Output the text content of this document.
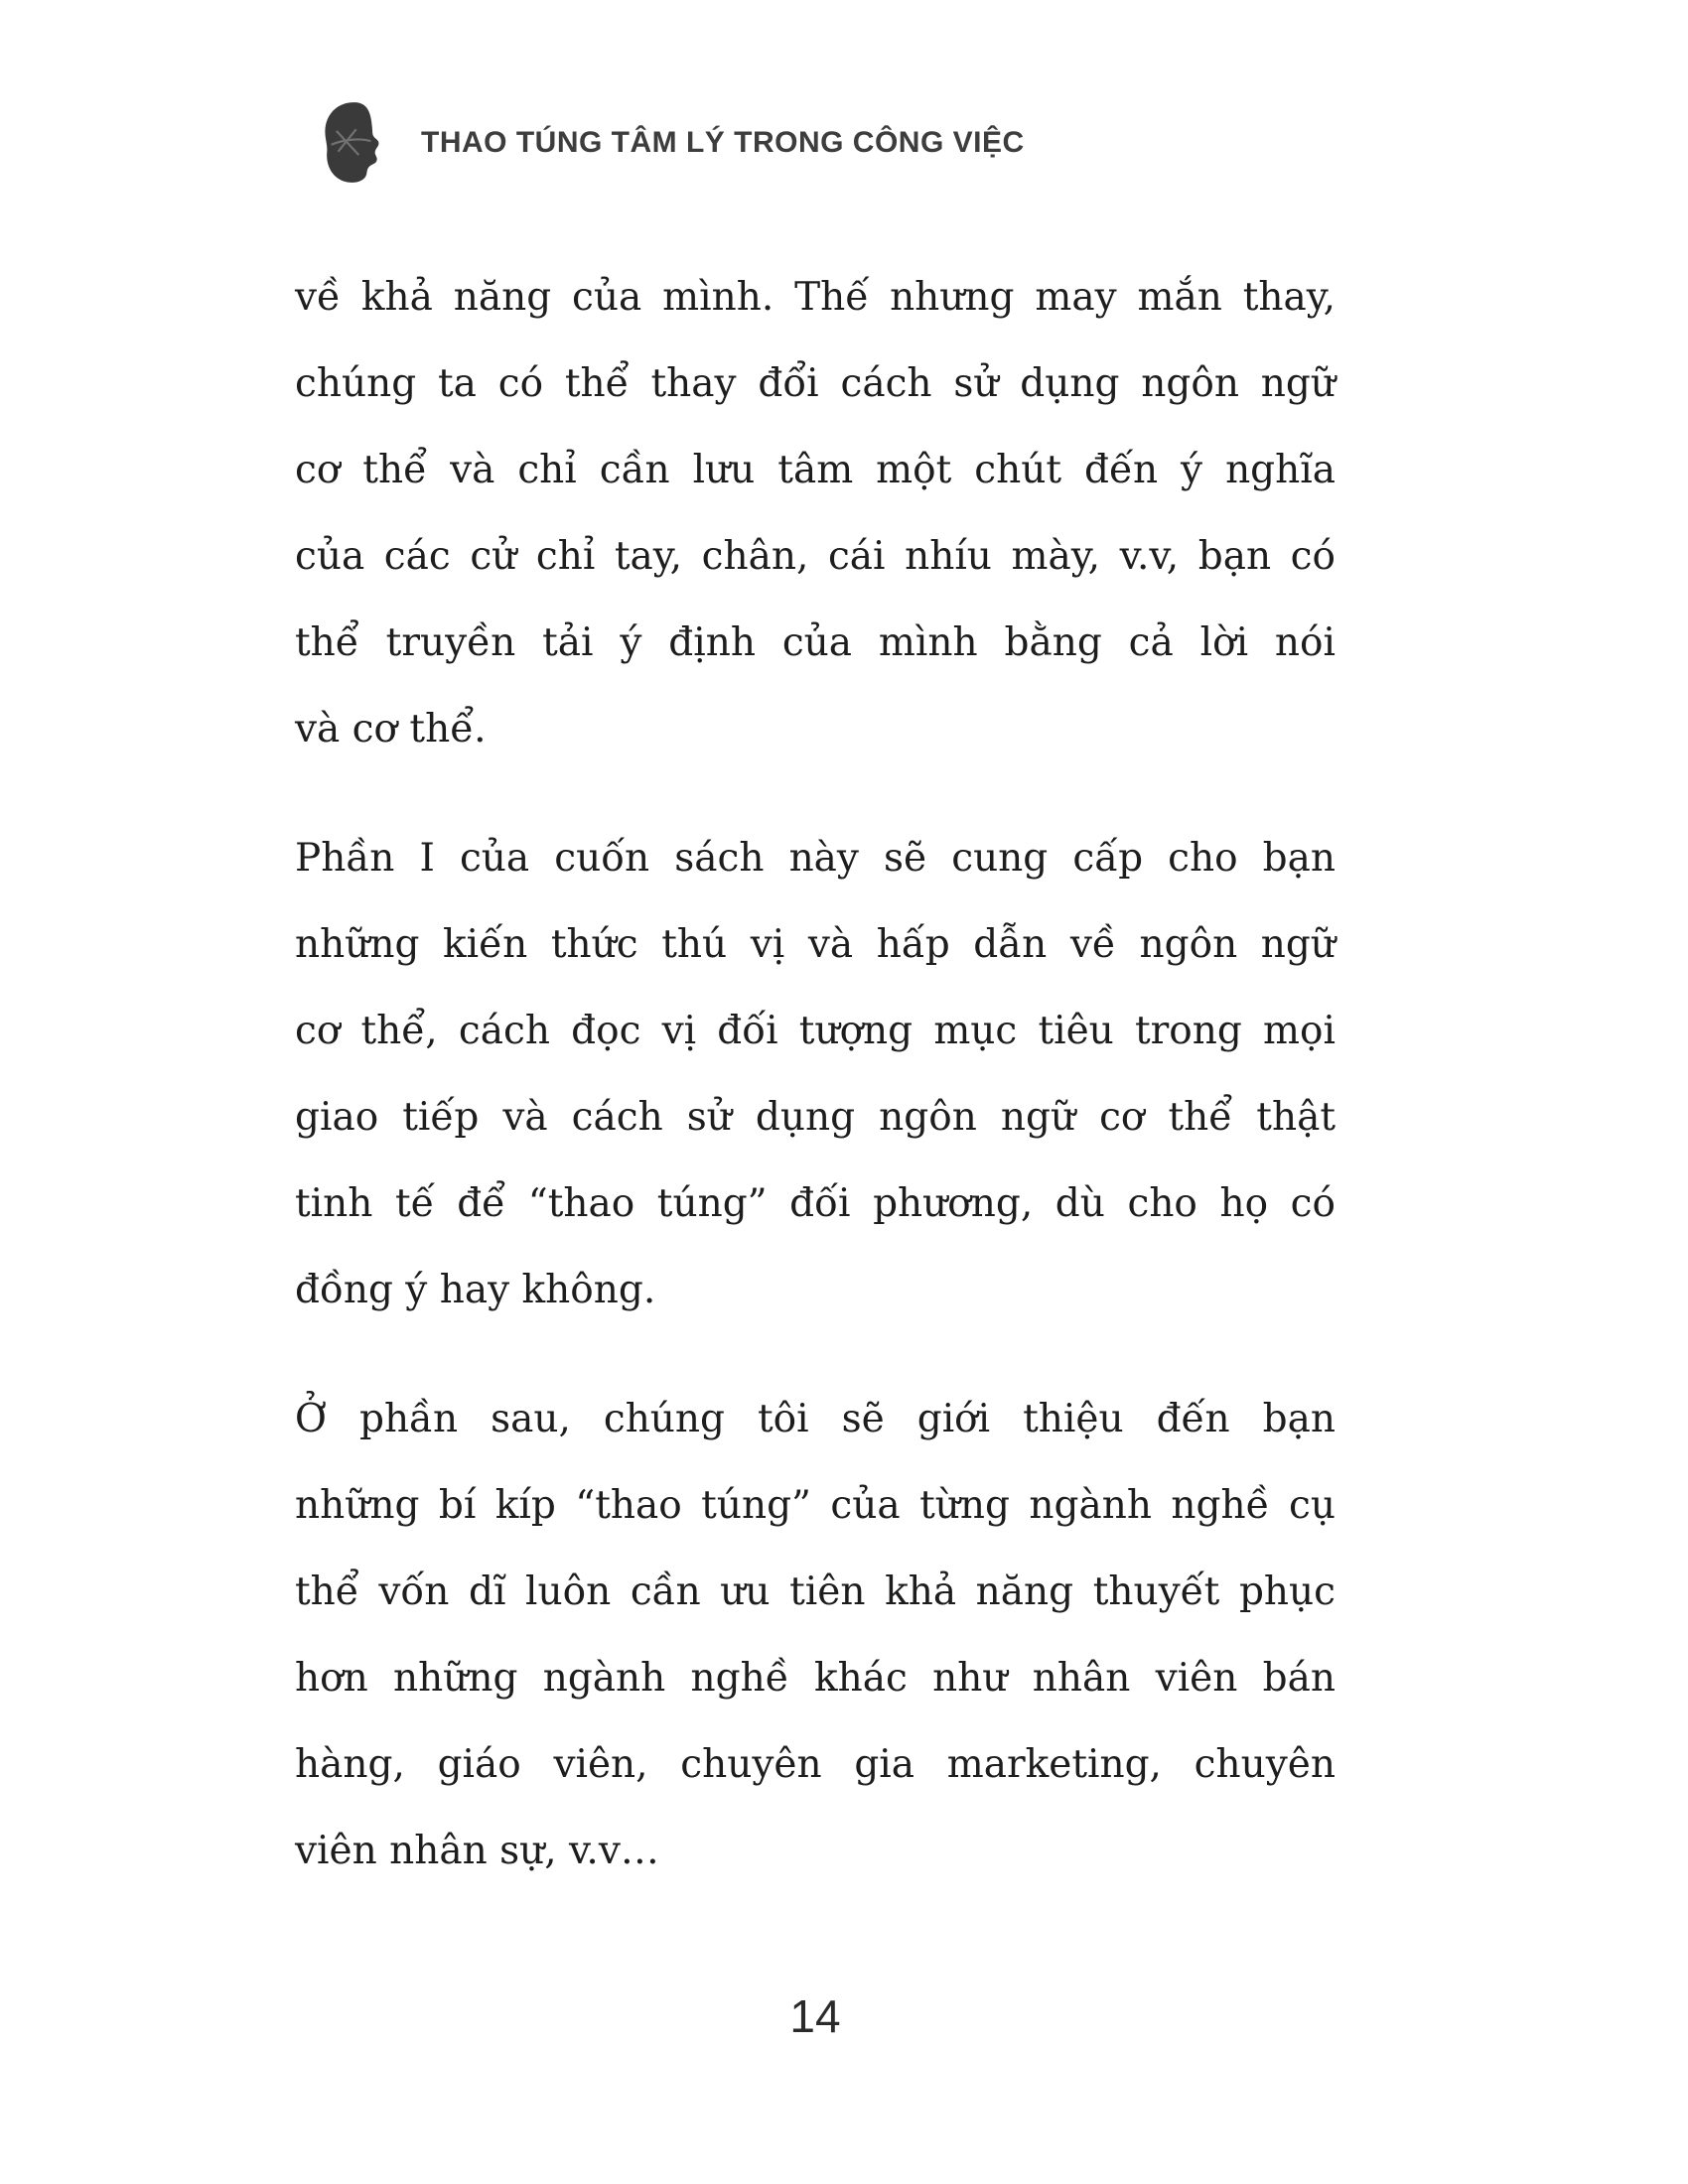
THAO TÚNG TÂM LÝ TRONG CÔNG VIỆC
về khả năng của mình. Thế nhưng may mắn thay,
chúng ta có thể thay đổi cách sử dụng ngôn ngữ
cơ thể và chỉ cần lưu tâm một chút đến ý nghĩa
của các cử chỉ tay, chân, cái nhíu mày, v.v, bạn có
thể truyền tải ý định của mình bằng cả lời nói
và cơ thể.
Phần I của cuốn sách này sẽ cung cấp cho bạn
những kiến thức thú vị và hấp dẫn về ngôn ngữ
cơ thể, cách đọc vị đối tượng mục tiêu trong mọi
giao tiếp và cách sử dụng ngôn ngữ cơ thể thật
tinh tế để “thao túng” đối phương, dù cho họ có
đồng ý hay không.
Ở phần sau, chúng tôi sẽ giới thiệu đến bạn
những bí kíp “thao túng” của từng ngành nghề cụ
thể vốn dĩ luôn cần ưu tiên khả năng thuyết phục
hơn những ngành nghề khác như nhân viên bán
hàng, giáo viên, chuyên gia marketing, chuyên
viên nhân sự, v.v…
14
